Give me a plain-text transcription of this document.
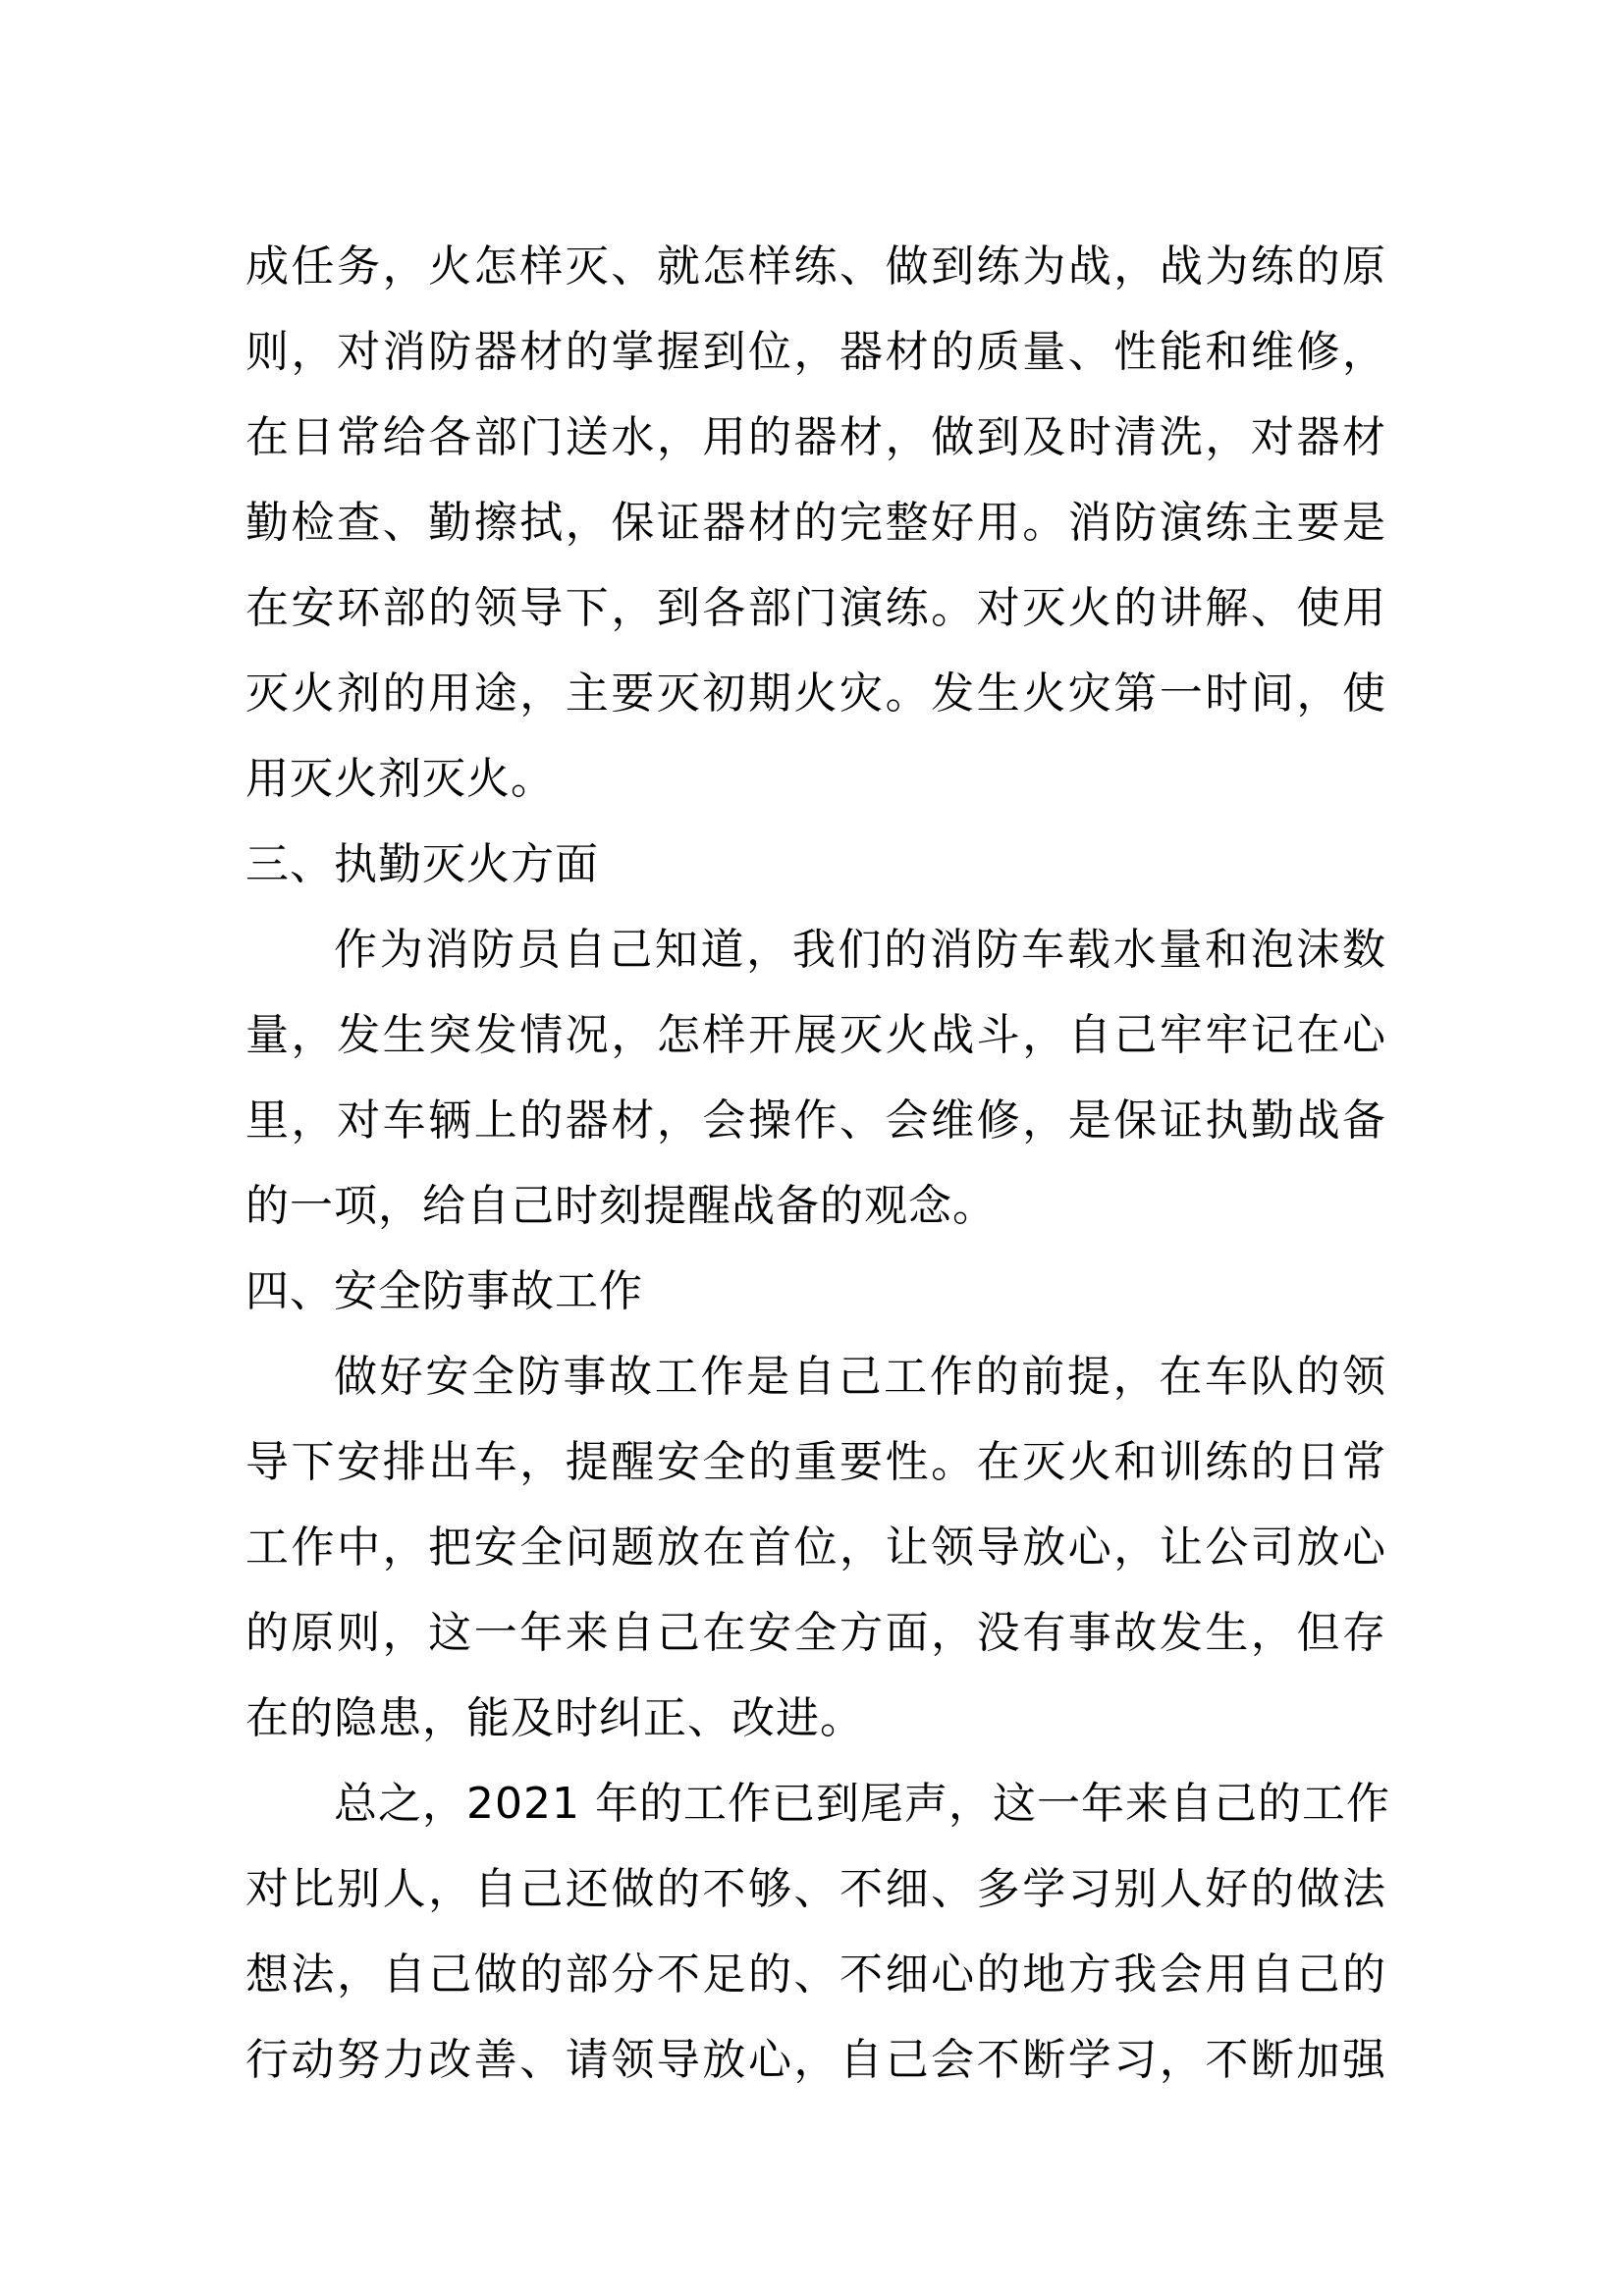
成任务，火怎样灭、就怎样练、做到练为战，战为练的原
则，对消防器材的掌握到位，器材的质量、性能和维修，
在日常给各部门送水，用的器材，做到及时清洗，对器材
勤检查、勤擦拭，保证器材的完整好用。消防演练主要是
在安环部的领导下，到各部门演练。对灭火的讲解、使用
灭火剂的用途，主要灭初期火灾。发生火灾第一时间，使
用灭火剂灭火。
三、执勤灭火方面
作为消防员自己知道，我们的消防车载水量和泡沫数
量，发生突发情况，怎样开展灭火战斗，自己牢牢记在心
里，对车辆上的器材，会操作、会维修，是保证执勤战备
的一项，给自己时刻提醒战备的观念。
四、安全防事故工作
做好安全防事故工作是自己工作的前提，在车队的领
导下安排出车，提醒安全的重要性。在灭火和训练的日常
工作中，把安全问题放在首位，让领导放心，让公司放心
的原则，这一年来自己在安全方面，没有事故发生，但存
在的隐患，能及时纠正、改进。
总之，2021 年的工作已到尾声，这一年来自己的工作
对比别人，自己还做的不够、不细、多学习别人好的做法
想法，自己做的部分不足的、不细心的地方我会用自己的
行动努力改善、请领导放心，自己会不断学习，不断加强
